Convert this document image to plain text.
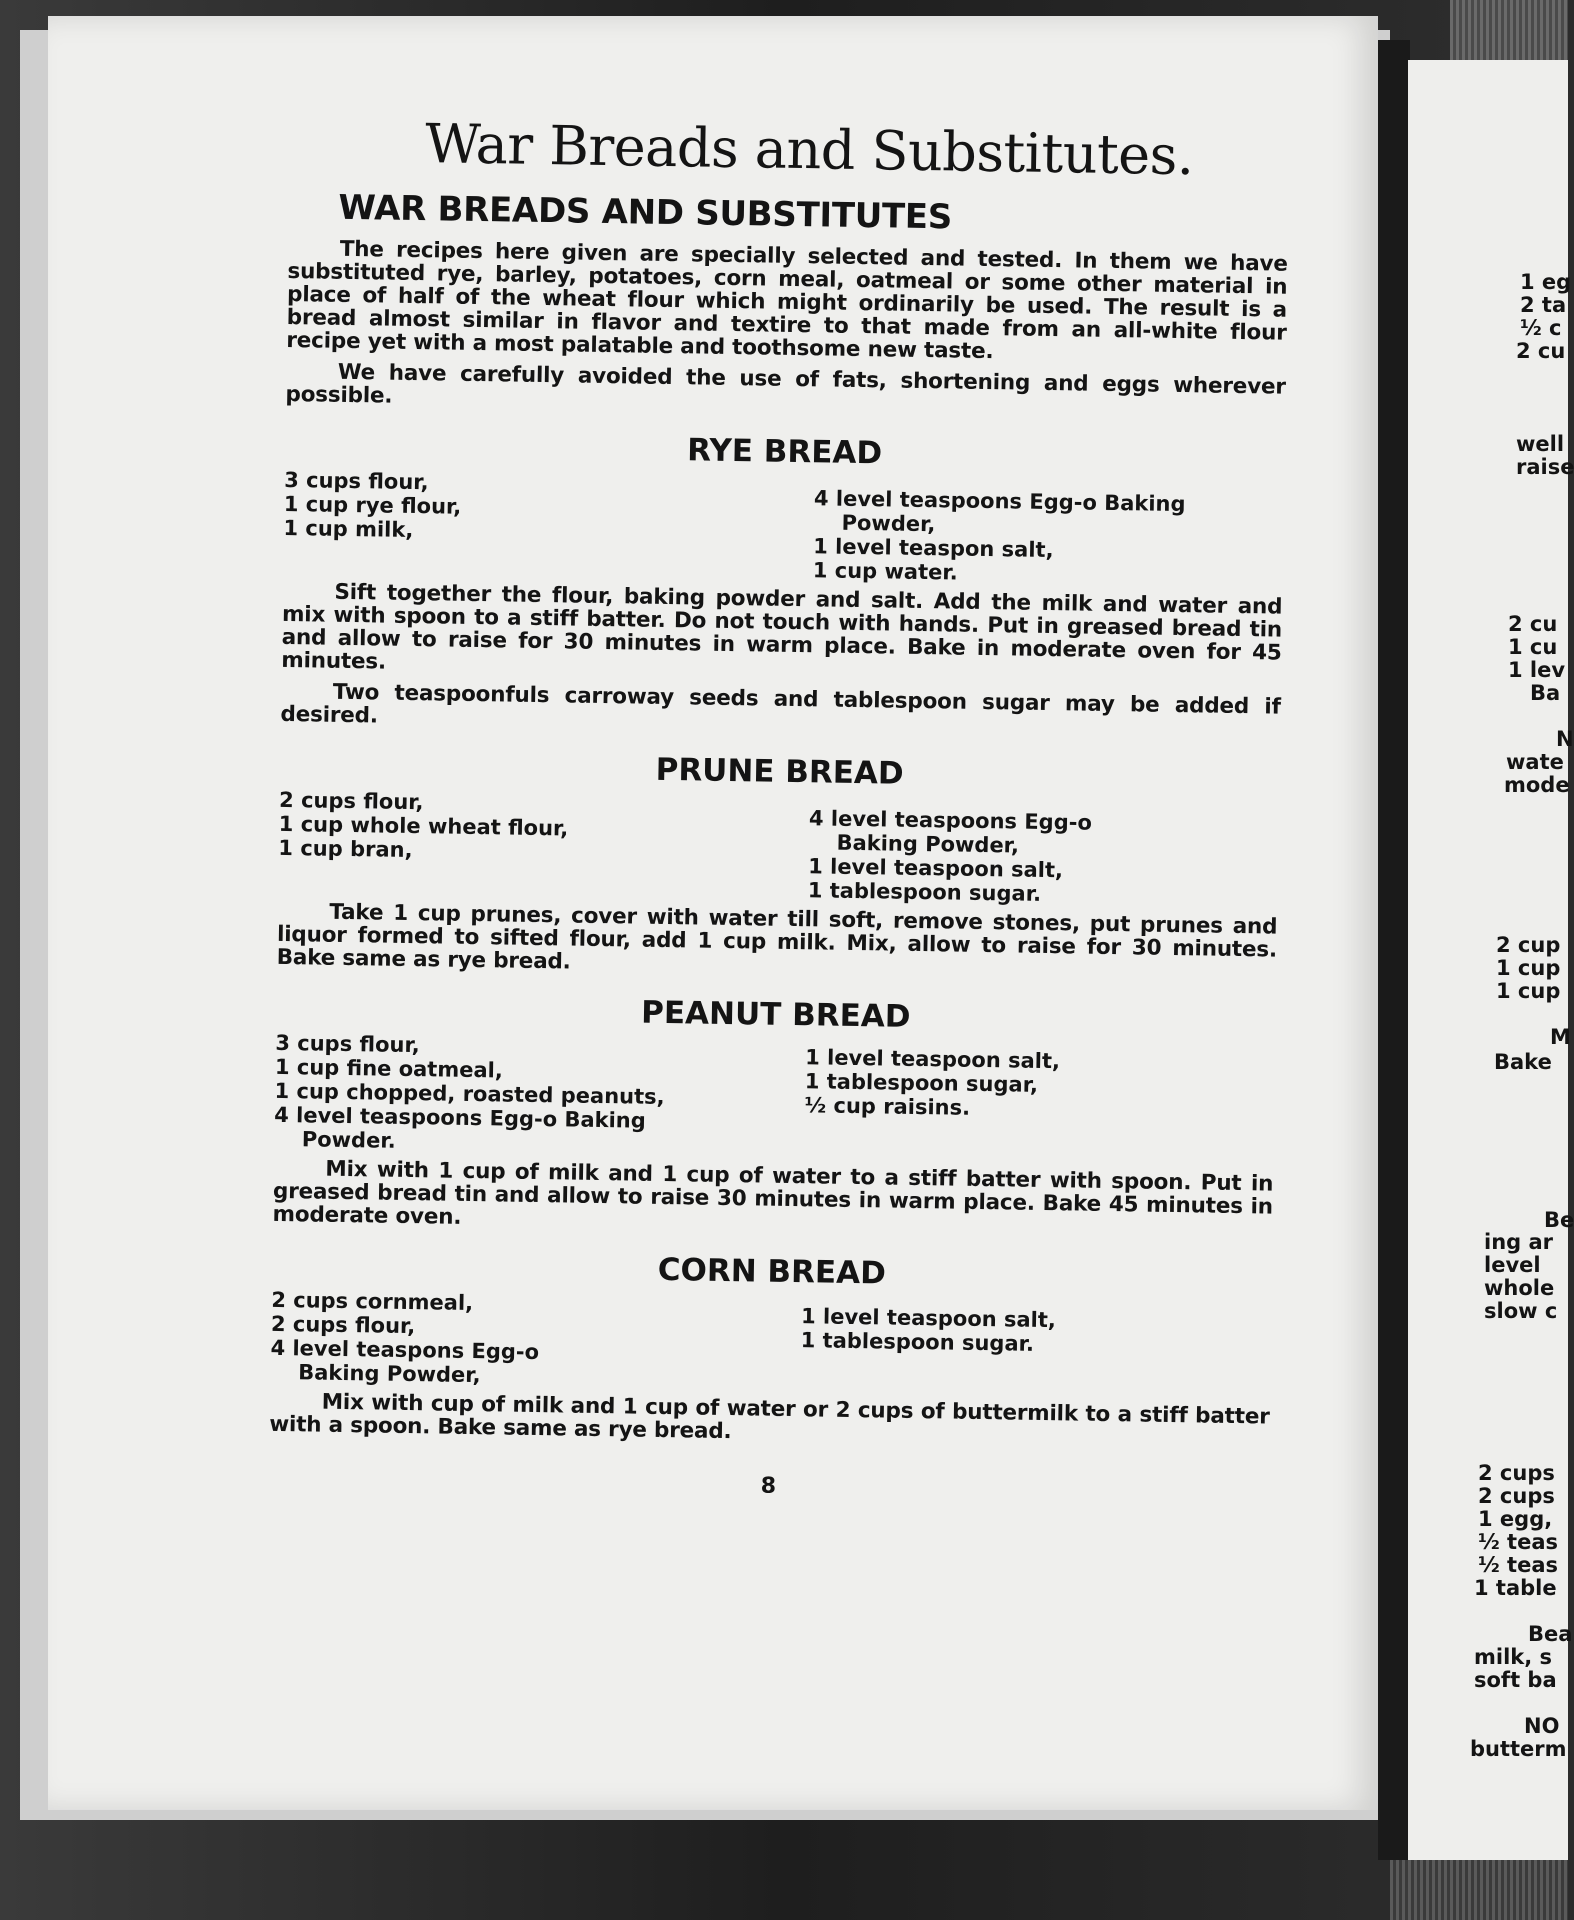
War Breads and Substitutes.
WAR BREADS AND SUBSTITUTES

The recipes here given are specially selected and tested. In them we have substituted rye, barley, potatoes, corn meal, oatmeal or some other material in place of half of the wheat flour which might ordinarily be used. The result is a bread almost similar in flavor and textire to that made from an all-white flour recipe yet with a most palatable and toothsome new taste.

We have carefully avoided the use of fats, shortening and eggs wherever possible.

RYE BREAD
3 cups flour,
1 cup rye flour,
1 cup milk,
4 level teaspoons Egg-o Baking
Powder,
1 level teaspon salt,
1 cup water.

Sift together the flour, baking powder and salt. Add the milk and water and mix with spoon to a stiff batter. Do not touch with hands. Put in greased bread tin and allow to raise for 30 minutes in warm place. Bake in moderate oven for 45 minutes.

Two teaspoonfuls carroway seeds and tablespoon sugar may be added if desired.

PRUNE BREAD
2 cups flour,
1 cup whole wheat flour,
1 cup bran,
4 level teaspoons Egg-o
Baking Powder,
1 level teaspoon salt,
1 tablespoon sugar.

Take 1 cup prunes, cover with water till soft, remove stones, put prunes and liquor formed to sifted flour, add 1 cup milk. Mix, allow to raise for 30 minutes. Bake same as rye bread.

PEANUT BREAD
3 cups flour,
1 cup fine oatmeal,
1 cup chopped, roasted peanuts,
4 level teaspoons Egg-o Baking
Powder.
1 level teaspoon salt,
1 tablespoon sugar,
½ cup raisins.

Mix with 1 cup of milk and 1 cup of water to a stiff batter with spoon. Put in greased bread tin and allow to raise 30 minutes in warm place. Bake 45 minutes in moderate oven.

CORN BREAD
2 cups cornmeal,
2 cups flour,
4 level teaspons Egg-o
Baking Powder,
1 level teaspoon salt,
1 tablespoon sugar.

Mix with cup of milk and 1 cup of water or 2 cups of buttermilk to a stiff batter with a spoon. Bake same as rye bread.

8
1 eg
2 ta
½ c
2 cu
well
raise
2 cu
1 cu
1 lev
Ba
N
wate
mode
2 cup
1 cup
1 cup
M
Bake
Be
ing ar
level
whole
slow c
2 cups
2 cups
1 egg,
½ teas
½ teas
1 table
Bea
milk, s
soft ba
NO
butterm
